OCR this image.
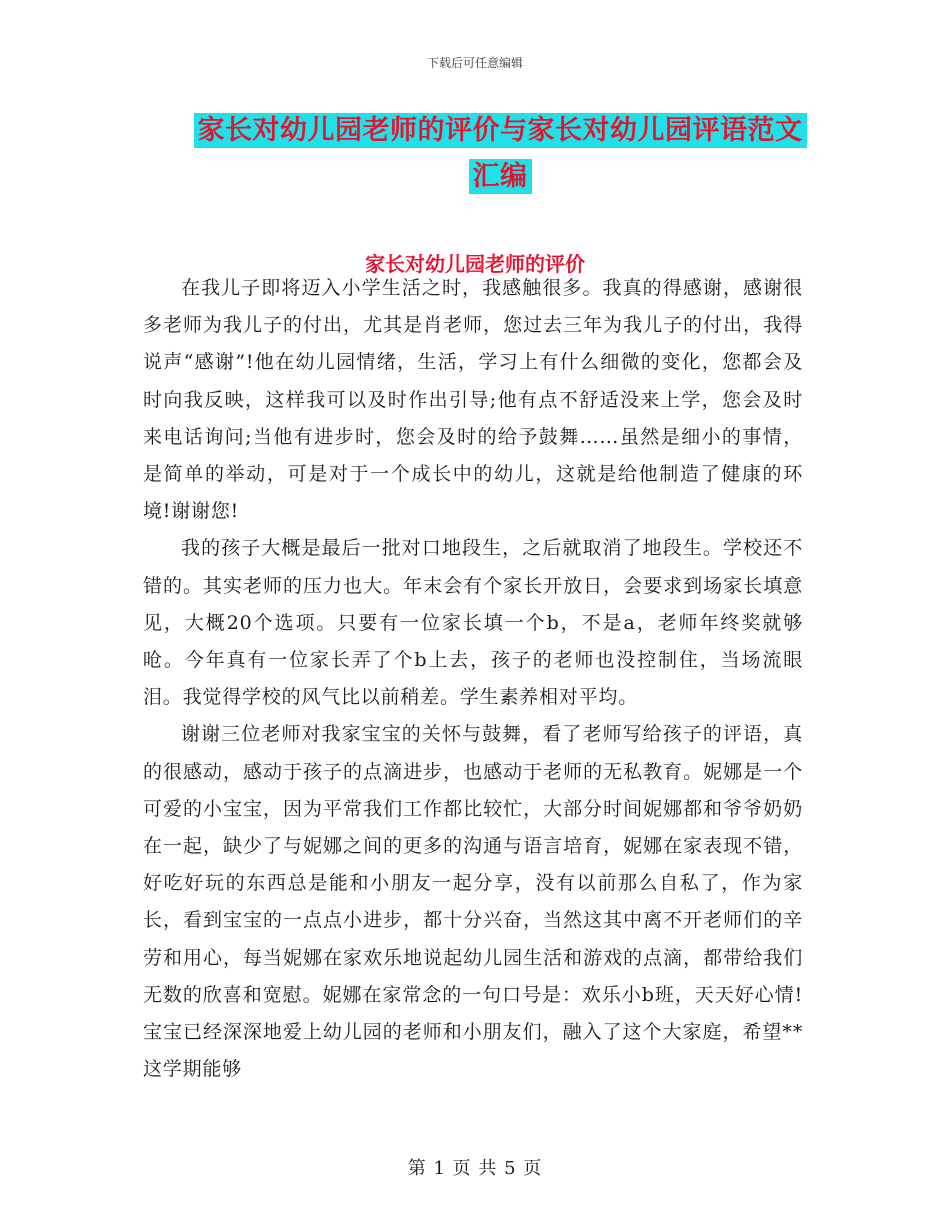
下载后可任意编辑
家长对幼儿园老师的评价与家长对幼儿园评语范文汇编
家长对幼儿园老师的评价

在我儿子即将迈入小学生活之时，我感触很多。我真的得感谢，感谢很多老师为我儿子的付出，尤其是肖老师，您过去三年为我儿子的付出，我得说声“感谢”!他在幼儿园情绪，生活，学习上有什么细微的变化，您都会及时向我反映，这样我可以及时作出引导;他有点不舒适没来上学，您会及时来电话询问;当他有进步时，您会及时的给予鼓舞……虽然是细小的事情，是简单的举动，可是对于一个成长中的幼儿，这就是给他制造了健康的环境!谢谢您!

我的孩子大概是最后一批对口地段生，之后就取消了地段生。学校还不错的。其实老师的压力也大。年末会有个家长开放日，会要求到场家长填意见，大概20个选项。只要有一位家长填一个b，不是a，老师年终奖就够呛。今年真有一位家长弄了个b上去，孩子的老师也没控制住，当场流眼泪。我觉得学校的风气比以前稍差。学生素养相对平均。

谢谢三位老师对我家宝宝的关怀与鼓舞，看了老师写给孩子的评语，真的很感动，感动于孩子的点滴进步，也感动于老师的无私教育。妮娜是一个可爱的小宝宝，因为平常我们工作都比较忙，大部分时间妮娜都和爷爷奶奶在一起，缺少了与妮娜之间的更多的沟通与语言培育，妮娜在家表现不错，好吃好玩的东西总是能和小朋友一起分享，没有以前那么自私了，作为家长，看到宝宝的一点点小进步，都十分兴奋，当然这其中离不开老师们的辛劳和用心，每当妮娜在家欢乐地说起幼儿园生活和游戏的点滴，都带给我们无数的欣喜和宽慰。妮娜在家常念的一句口号是：欢乐小b班，天天好心情!宝宝已经深深地爱上幼儿园的老师和小朋友们，融入了这个大家庭，希望**这学期能够

第 1 页 共 5 页
